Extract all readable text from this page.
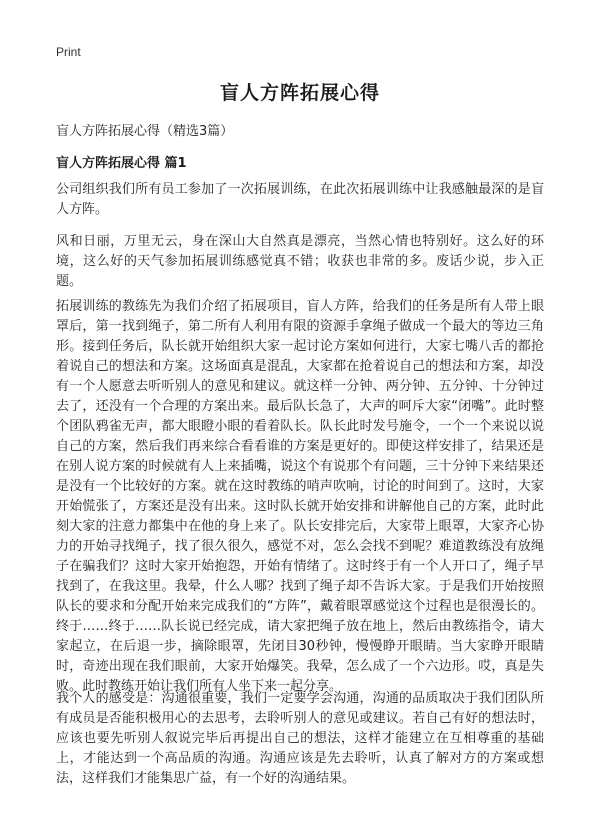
Print
盲人方阵拓展心得

盲人方阵拓展心得（精选3篇）

盲人方阵拓展心得 篇1

公司组织我们所有员工参加了一次拓展训练，在此次拓展训练中让我感触最深的是盲人方阵。

风和日丽，万里无云，身在深山大自然真是漂亮，当然心情也特别好。这么好的环境，这么好的天气参加拓展训练感觉真不错；收获也非常的多。废话少说，步入正题。

拓展训练的教练先为我们介绍了拓展项目，盲人方阵，给我们的任务是所有人带上眼罩后，第一找到绳子，第二所有人利用有限的资源手拿绳子做成一个最大的等边三角形。接到任务后，队长就开始组织大家一起讨论方案如何进行，大家七嘴八舌的都抢着说自己的想法和方案。这场面真是混乱，大家都在抢着说自己的想法和方案，却没有一个人愿意去听听别人的意见和建议。就这样一分钟、两分钟、五分钟、十分钟过去了，还没有一个合理的方案出来。最后队长急了，大声的呵斥大家“闭嘴”。此时整个团队鸦雀无声，都大眼瞪小眼的看着队长。队长此时发号施令，一个一个来说以说自己的方案，然后我们再来综合看看谁的方案是更好的。即使这样安排了，结果还是在别人说方案的时候就有人上来插嘴，说这个有说那个有问题，三十分钟下来结果还是没有一个比较好的方案。就在这时教练的哨声吹响，讨论的时间到了。这时，大家开始慌张了，方案还是没有出来。这时队长就开始安排和讲解他自己的方案，此时此刻大家的注意力都集中在他的身上来了。队长安排完后，大家带上眼罩，大家齐心协力的开始寻找绳子，找了很久很久，感觉不对，怎么会找不到呢？难道教练没有放绳子在骗我们？这时大家开始抱怨，开始有情绪了。这时终于有一个人开口了，绳子早找到了，在我这里。我晕，什么人哪？找到了绳子却不告诉大家。于是我们开始按照队长的要求和分配开始来完成我们的“方阵”，戴着眼罩感觉这个过程也是很漫长的。终于……终于……队长说已经完成，请大家把绳子放在地上，然后由教练指令，请大家起立，在后退一步，摘除眼罩，先闭目30秒钟，慢慢睁开眼睛。当大家睁开眼睛时，奇迹出现在我们眼前，大家开始爆笑。我晕，怎么成了一个六边形。哎，真是失败。此时教练开始让我们所有人坐下来一起分享。

我个人的感受是：沟通很重要，我们一定要学会沟通，沟通的品质取决于我们团队所有成员是否能积极用心的去思考，去聆听别人的意见或建议。若自己有好的想法时，应该也要先听别人叙说完毕后再提出自己的想法，这样才能建立在互相尊重的基础上，才能达到一个高品质的沟通。沟通应该是先去聆听，认真了解对方的方案或想法，这样我们才能集思广益，有一个好的沟通结果。
